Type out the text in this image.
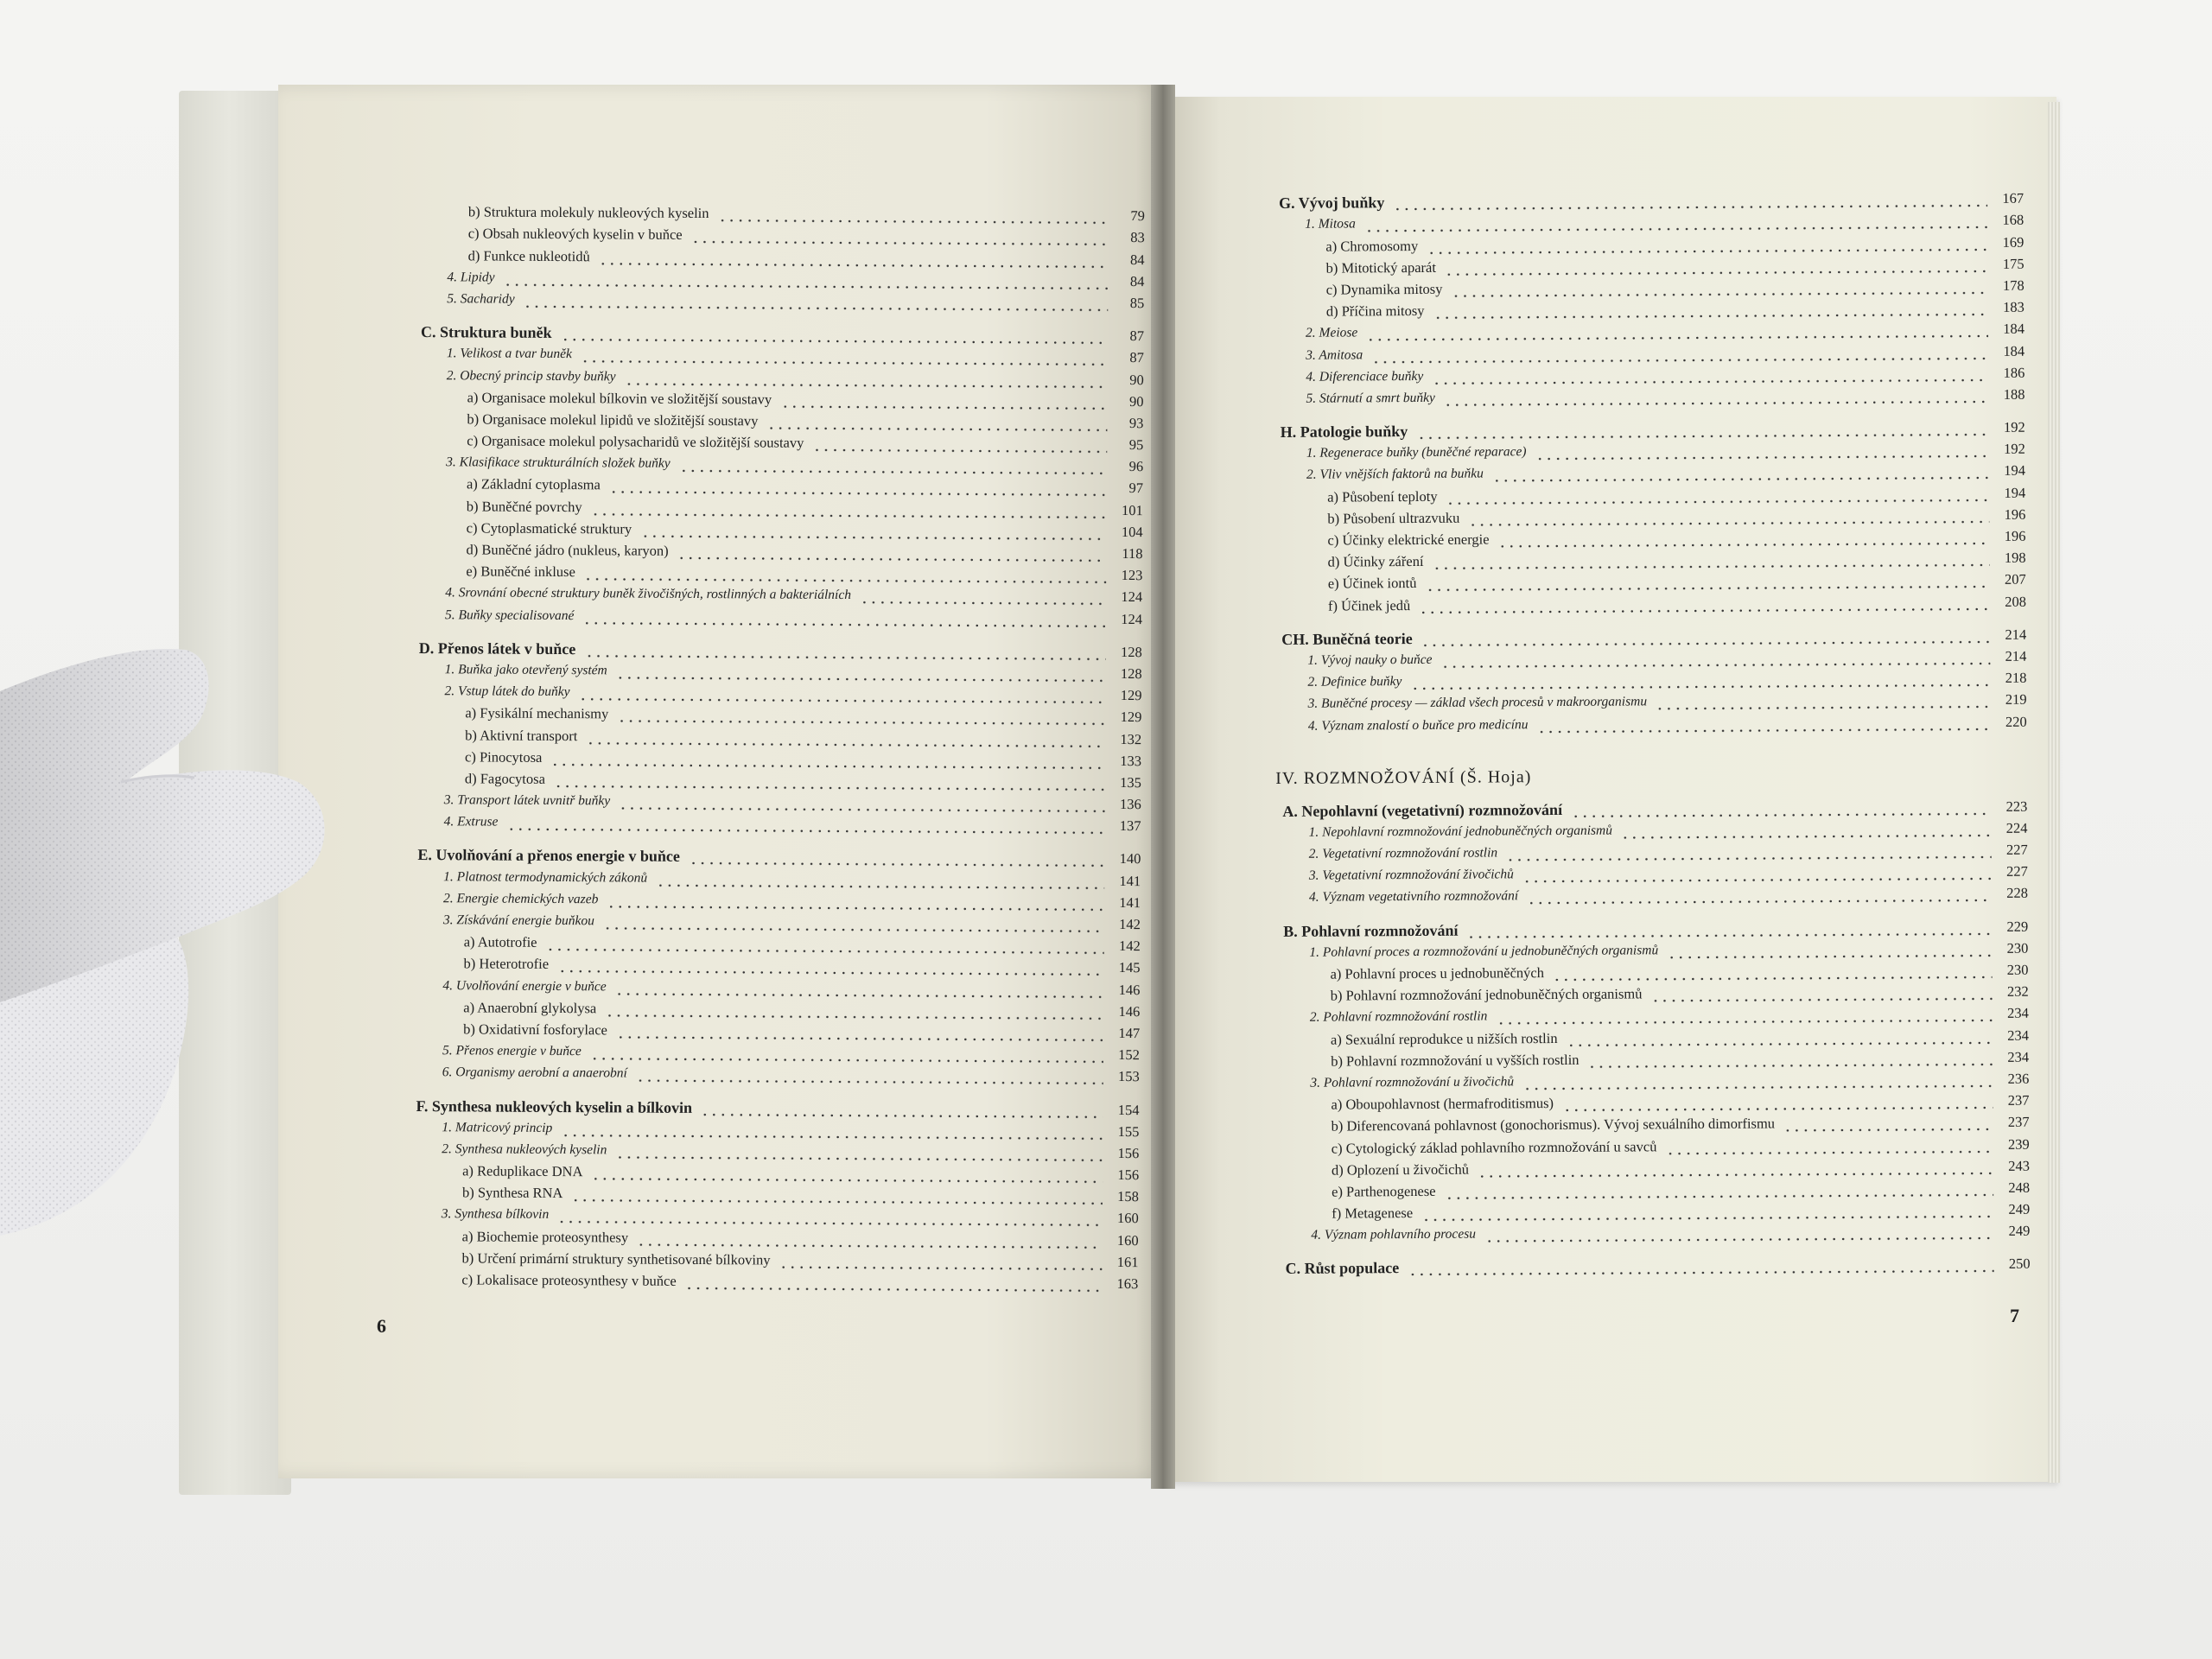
b) Struktura molekuly nukleových kyselin	79
c) Obsah nukleových kyselin v buňce	83
d) Funkce nukleotidů	84
4. Lipidy	84
5. Sacharidy	85
C. Struktura buněk	87
1. Velikost a tvar buněk	87
2. Obecný princip stavby buňky	90
a) Organisace molekul bílkovin ve složitější soustavy	90
b) Organisace molekul lipidů ve složitější soustavy	93
c) Organisace molekul polysacharidů ve složitější soustavy	95
3. Klasifikace strukturálních složek buňky	96
a) Základní cytoplasma	97
b) Buněčné povrchy	101
c) Cytoplasmatické struktury	104
d) Buněčné jádro (nukleus, karyon)	118
e) Buněčné inkluse	123
4. Srovnání obecné struktury buněk živočišných, rostlinných a bakteriálních	124
5. Buňky specialisované	124
D. Přenos látek v buňce	128
1. Buňka jako otevřený systém	128
2. Vstup látek do buňky	129
a) Fysikální mechanismy	129
b) Aktivní transport	132
c) Pinocytosa	133
d) Fagocytosa	135
3. Transport látek uvnitř buňky	136
4. Extruse	137
E. Uvolňování a přenos energie v buňce	140
1. Platnost termodynamických zákonů	141
2. Energie chemických vazeb	141
3. Získávání energie buňkou	142
a) Autotrofie	142
b) Heterotrofie	145
4. Uvolňování energie v buňce	146
a) Anaerobní glykolysa	146
b) Oxidativní fosforylace	147
5. Přenos energie v buňce	152
6. Organismy aerobní a anaerobní	153
F. Synthesa nukleových kyselin a bílkovin	154
1. Matricový princip	155
2. Synthesa nukleových kyselin	156
a) Reduplikace DNA	156
b) Synthesa RNA	158
3. Synthesa bílkovin	160
a) Biochemie proteosynthesy	160
b) Určení primární struktury synthetisované bílkoviny	161
c) Lokalisace proteosynthesy v buňce	163
G. Vývoj buňky	167
1. Mitosa	168
a) Chromosomy	169
b) Mitotický aparát	175
c) Dynamika mitosy	178
d) Příčina mitosy	183
2. Meiose	184
3. Amitosa	184
4. Diferenciace buňky	186
5. Stárnutí a smrt buňky	188
H. Patologie buňky	192
1. Regenerace buňky (buněčné reparace)	192
2. Vliv vnějších faktorů na buňku	194
a) Působení teploty	194
b) Působení ultrazvuku	196
c) Účinky elektrické energie	196
d) Účinky záření	198
e) Účinek iontů	207
f) Účinek jedů	208
CH. Buněčná teorie	214
1. Vývoj nauky o buňce	214
2. Definice buňky	218
3. Buněčné procesy — základ všech procesů v makroorganismu	219
4. Význam znalostí o buňce pro medicínu	220
IV. ROZMNOŽOVÁNÍ (Š. Hoja)
A. Nepohlavní (vegetativní) rozmnožování	223
1. Nepohlavní rozmnožování jednobuněčných organismů	224
2. Vegetativní rozmnožování rostlin	227
3. Vegetativní rozmnožování živočichů	227
4. Význam vegetativního rozmnožování	228
B. Pohlavní rozmnožování	229
1. Pohlavní proces a rozmnožování u jednobuněčných organismů	230
a) Pohlavní proces u jednobuněčných	230
b) Pohlavní rozmnožování jednobuněčných organismů	232
2. Pohlavní rozmnožování rostlin	234
a) Sexuální reprodukce u nižších rostlin	234
b) Pohlavní rozmnožování u vyšších rostlin	234
3. Pohlavní rozmnožování u živočichů	236
a) Oboupohlavnost (hermafroditismus)	237
b) Diferencovaná pohlavnost (gonochorismus). Vývoj sexuálního dimorfismu	237
c) Cytologický základ pohlavního rozmnožování u savců	239
d) Oplození u živočichů	243
e) Parthenogenese	248
f) Metagenese	249
4. Význam pohlavního procesu	249
C. Růst populace	250
6	7
